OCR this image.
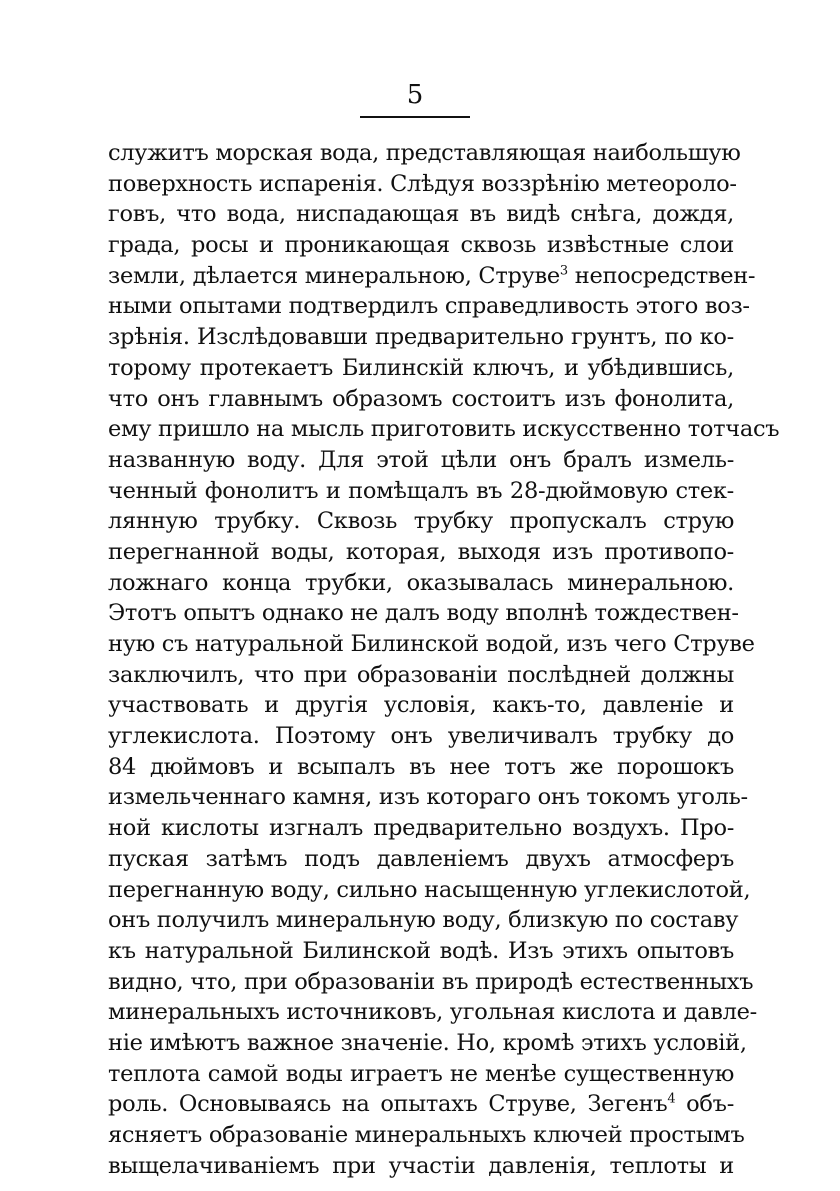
5
служитъ морская вода, представляющая наибольшую
поверхность испаренія. Слѣдуя воззрѣнію метеороло-
говъ, что вода, ниспадающая въ видѣ снѣга, дождя,
града, росы и проникающая сквозь извѣстные слои
земли, дѣлается минеральною, Струве$^3$ непосредствен-
ными опытами подтвердилъ справедливость этого воз-
зрѣнія. Изслѣдовавши предварительно грунтъ, по ко-
торому протекаетъ Билинскій ключъ, и убѣдившись,
что онъ главнымъ образомъ состоитъ изъ фонолита,
ему пришло на мысль приготовить искусственно тотчасъ
названную воду. Для этой цѣли онъ бралъ измель-
ченный фонолитъ и помѣщалъ въ 28-дюймовую стек-
лянную трубку. Сквозь трубку пропускалъ струю
перегнанной воды, которая, выходя изъ противопо-
ложнаго конца трубки, оказывалась минеральною.
Этотъ опытъ однако не далъ воду вполнѣ тождествен-
ную съ натуральной Билинской водой, изъ чего Струве
заключилъ, что при образованіи послѣдней должны
участвовать и другія условія, какъ-то, давленіе и
углекислота. Поэтому онъ увеличивалъ трубку до
84 дюймовъ и всыпалъ въ нее тотъ же порошокъ
измельченнаго камня, изъ котораго онъ токомъ уголь-
ной кислоты изгналъ предварительно воздухъ. Про-
пуская затѣмъ подъ давленіемъ двухъ атмосферъ
перегнанную воду, сильно насыщенную углекислотой,
онъ получилъ минеральную воду, близкую по составу
къ натуральной Билинской водѣ. Изъ этихъ опытовъ
видно, что, при образованіи въ природѣ естественныхъ
минеральныхъ источниковъ, угольная кислота и давле-
ніе имѣютъ важное значеніе. Но, кромѣ этихъ условій,
теплота самой воды играетъ не менѣе существенную
роль. Основываясь на опытахъ Струве, Зегенъ$^4$ объ-
ясняетъ образованіе минеральныхъ ключей простымъ
выщелачиваніемъ при участіи давленія, теплоты и
